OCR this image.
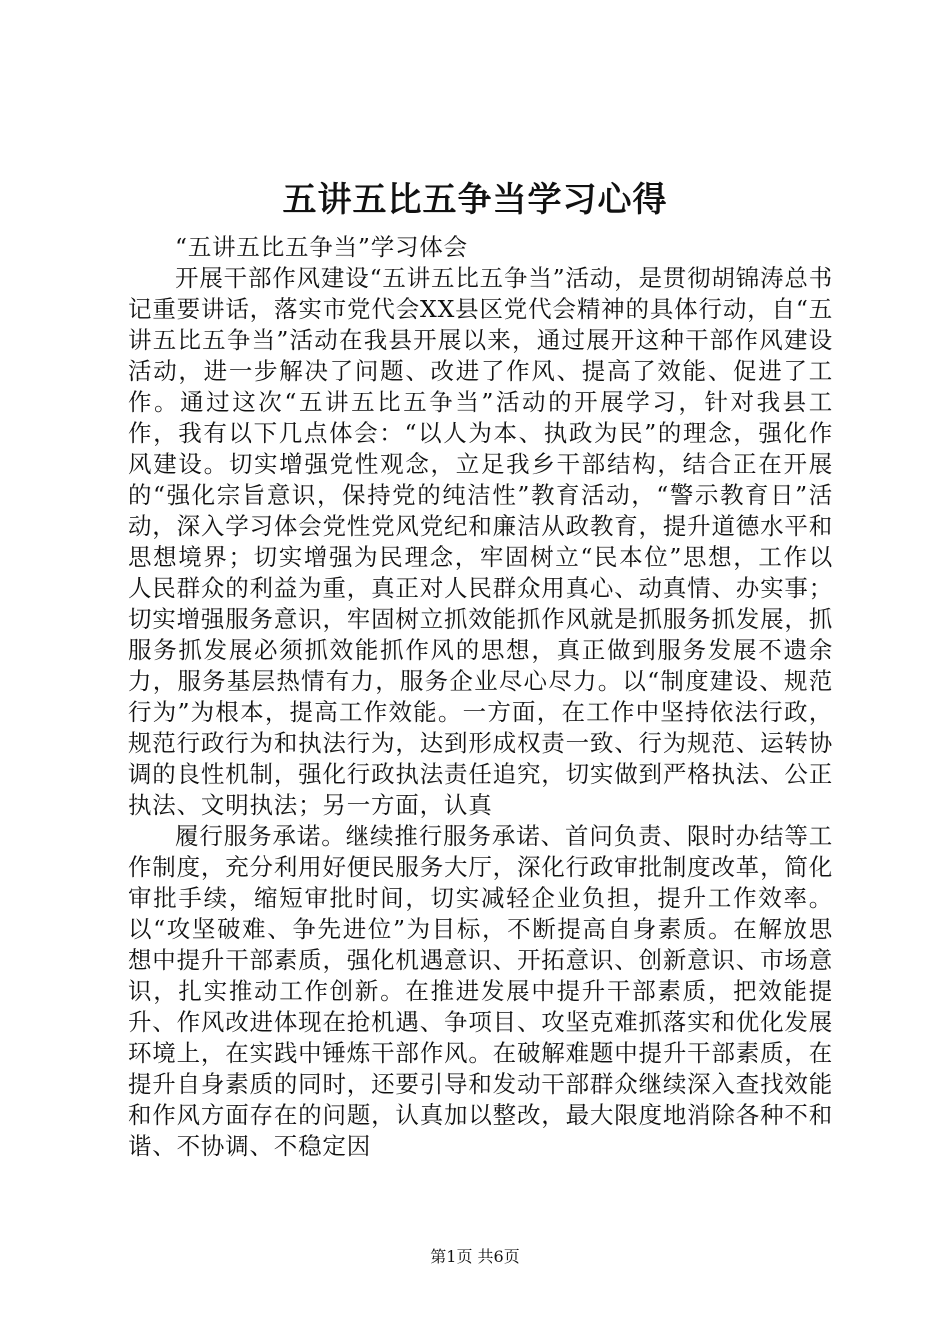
五讲五比五争当学习心得

“五讲五比五争当”学习体会

开展干部作风建设“五讲五比五争当”活动，是贯彻胡锦涛总书记重要讲话，落实市党代会XX县区党代会精神的具体行动，自“五讲五比五争当”活动在我县开展以来，通过展开这种干部作风建设活动，进一步解决了问题、改进了作风、提高了效能、促进了工作。通过这次“五讲五比五争当”活动的开展学习，针对我县工作，我有以下几点体会：“以人为本、执政为民”的理念，强化作风建设。切实增强党性观念，立足我乡干部结构，结合正在开展的“强化宗旨意识，保持党的纯洁性”教育活动，“警示教育日”活动，深入学习体会党性党风党纪和廉洁从政教育，提升道德水平和思想境界；切实增强为民理念，牢固树立“民本位”思想，工作以人民群众的利益为重，真正对人民群众用真心、动真情、办实事；切实增强服务意识，牢固树立抓效能抓作风就是抓服务抓发展，抓服务抓发展必须抓效能抓作风的思想，真正做到服务发展不遗余力，服务基层热情有力，服务企业尽心尽力。以“制度建设、规范行为”为根本，提高工作效能。一方面，在工作中坚持依法行政，规范行政行为和执法行为，达到形成权责一致、行为规范、运转协调的良性机制，强化行政执法责任追究，切实做到严格执法、公正执法、文明执法；另一方面，认真

履行服务承诺。继续推行服务承诺、首问负责、限时办结等工作制度，充分利用好便民服务大厅，深化行政审批制度改革，简化审批手续，缩短审批时间，切实减轻企业负担，提升工作效率。以“攻坚破难、争先进位”为目标，不断提高自身素质。在解放思想中提升干部素质，强化机遇意识、开拓意识、创新意识、市场意识，扎实推动工作创新。在推进发展中提升干部素质，把效能提升、作风改进体现在抢机遇、争项目、攻坚克难抓落实和优化发展环境上，在实践中锤炼干部作风。在破解难题中提升干部素质，在提升自身素质的同时，还要引导和发动干部群众继续深入查找效能和作风方面存在的问题，认真加以整改，最大限度地消除各种不和谐、不协调、不稳定因

第1页 共6页
